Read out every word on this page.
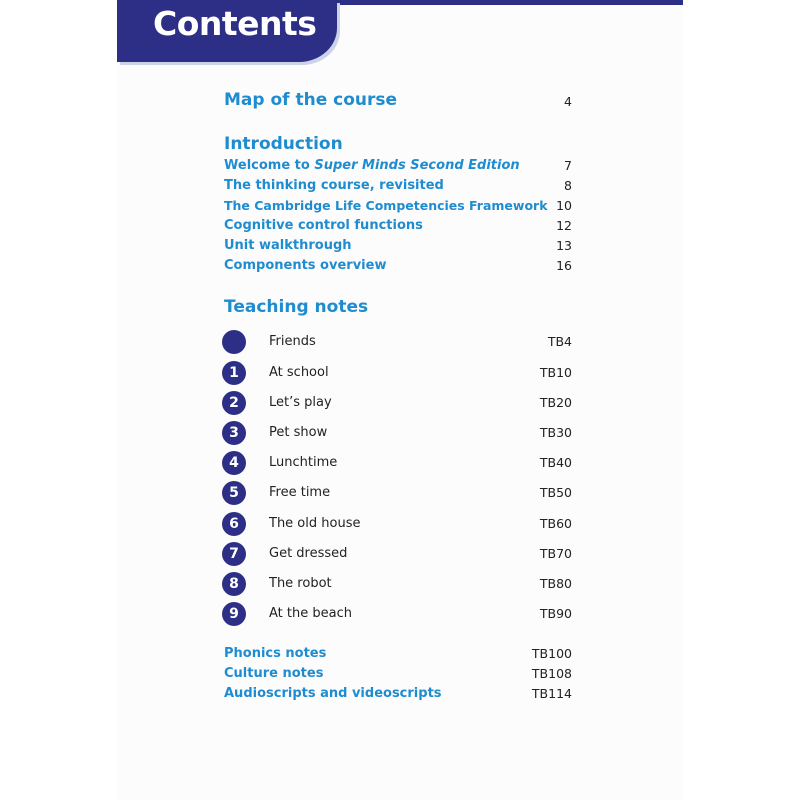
Contents
Map of the course	4
Introduction
Welcome to Super Minds Second Edition	7
The thinking course, revisited	8
The Cambridge Life Competencies Framework 10
Cognitive control functions	12
Unit walkthrough	13
Components overview	16
Teaching notes
Friends	TB4
1	At school	TB10
2	Let’s play	TB20
3	Pet show	TB30
4	Lunchtime	TB40
5	Free time	TB50
6	The old house	TB60
7	Get dressed	TB70
8	The robot	TB80
9	At the beach	TB90
Phonics notes	TB100
Culture notes	TB108
Audioscripts and videoscripts	TB114
